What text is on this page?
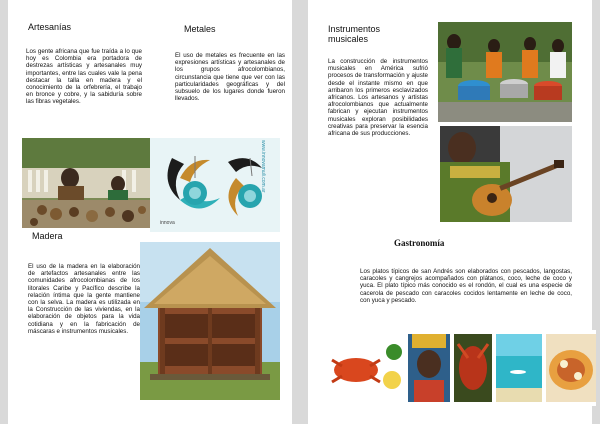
Artesanías
Los gente africana que fue traída a lo que hoy es Colombia era portadora de destrezas artísticas y artesanales muy importantes, entre las cuales vale la pena destacar la talla en madera y el conocimiento de la orfebrería, el trabajo en bronce y cobre, y la sabiduría sobre las fibras vegetales.
Metales
El uso de metales es frecuente en las expresiones artísticas y artesanales de los grupos afrocolombianos, circunstancia que tiene que ver con las particularidades geográficas y del subsuelo de los lugares donde fueron llevados.
www.innovamuli.com.ar
innova
Madera
El uso de la madera en la elaboración de artefactos artesanales entre las comunidades afrocolombianas de los litorales Caribe y Pacífico describe la relación íntima que la gente mantiene con la selva. La madera es utilizada en la Construcción de las viviendas, en la elaboración de objetos para la vida cotidiana y en la fabricación de máscaras e instrumentos musicales.
Instrumentos
musicales
La construcción de instrumentos musicales en América sufrió procesos de transformación y ajuste desde el instante mismo en que arribaron los primeros esclavizados africanos. Los artesanos y artistas afrocolombianos que actualmente fabrican y ejecutan instrumentos musicales exploran posibilidades creativas para preservar la esencia africana de sus producciones.
Gastronomía
Los platos típicos de san Andrés son elaborados con pescados, langostas, caracoles y cangrejos acompañados con plátanos, coco, leche de coco y yuca. El plato típico más conocido es el rondón, el cual es una especie de cacerola de pescado con caracoles cocidos lentamente en leche de coco, con yuca y pescado.
